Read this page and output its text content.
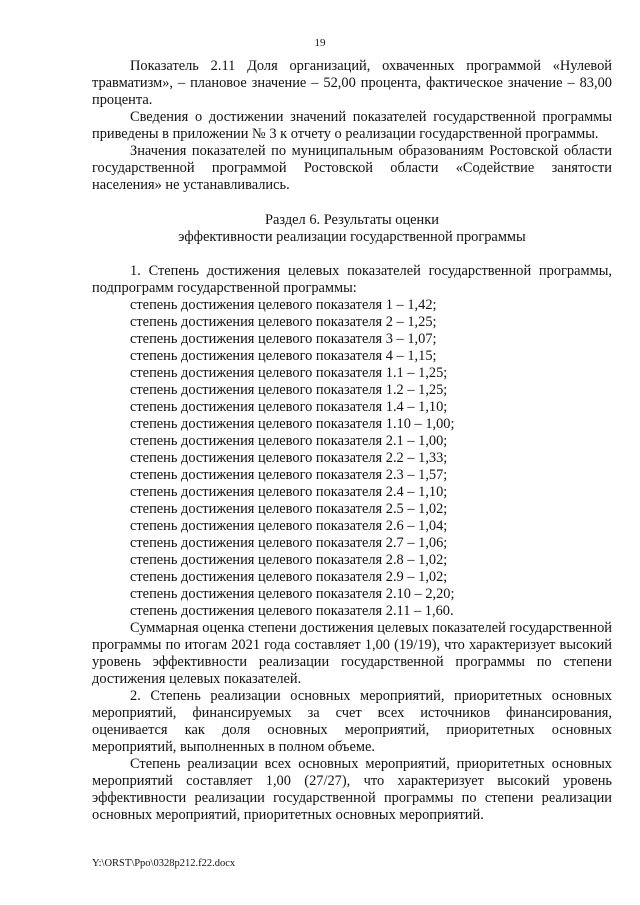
19

Показатель 2.11 Доля организаций, охваченных программой «Нулевой травматизм», – плановое значение – 52,00 процента, фактическое значение – 83,00 процента.

Сведения о достижении значений показателей государственной программы приведены в приложении № 3 к отчету о реализации государственной программы.

Значения показателей по муниципальным образованиям Ростовской области государственной программой Ростовской области «Содействие занятости населения» не устанавливались.

Раздел 6. Результаты оценки

эффективности реализации государственной программы

1. Степень достижения целевых показателей государственной программы, подпрограмм государственной программы:

степень достижения целевого показателя 1 – 1,42;
степень достижения целевого показателя 2 – 1,25;
степень достижения целевого показателя 3 – 1,07;
степень достижения целевого показателя 4 – 1,15;
степень достижения целевого показателя 1.1 – 1,25;
степень достижения целевого показателя 1.2 – 1,25;
степень достижения целевого показателя 1.4 – 1,10;
степень достижения целевого показателя 1.10 – 1,00;
степень достижения целевого показателя 2.1 – 1,00;
степень достижения целевого показателя 2.2 – 1,33;
степень достижения целевого показателя 2.3 – 1,57;
степень достижения целевого показателя 2.4 – 1,10;
степень достижения целевого показателя 2.5 – 1,02;
степень достижения целевого показателя 2.6 – 1,04;
степень достижения целевого показателя 2.7 – 1,06;
степень достижения целевого показателя 2.8 – 1,02;
степень достижения целевого показателя 2.9 – 1,02;
степень достижения целевого показателя 2.10 – 2,20;
степень достижения целевого показателя 2.11 – 1,60.

Суммарная оценка степени достижения целевых показателей государственной программы по итогам 2021 года составляет 1,00 (19/19), что характеризует высокий уровень эффективности реализации государственной программы по степени достижения целевых показателей.

2. Степень реализации основных мероприятий, приоритетных основных мероприятий, финансируемых за счет всех источников финансирования, оценивается как доля основных мероприятий, приоритетных основных мероприятий, выполненных в полном объеме.

Степень реализации всех основных мероприятий, приоритетных основных мероприятий составляет 1,00 (27/27), что характеризует высокий уровень эффективности реализации государственной программы по степени реализации основных мероприятий, приоритетных основных мероприятий.

Y:\ORST\Ppo\0328p212.f22.docx
